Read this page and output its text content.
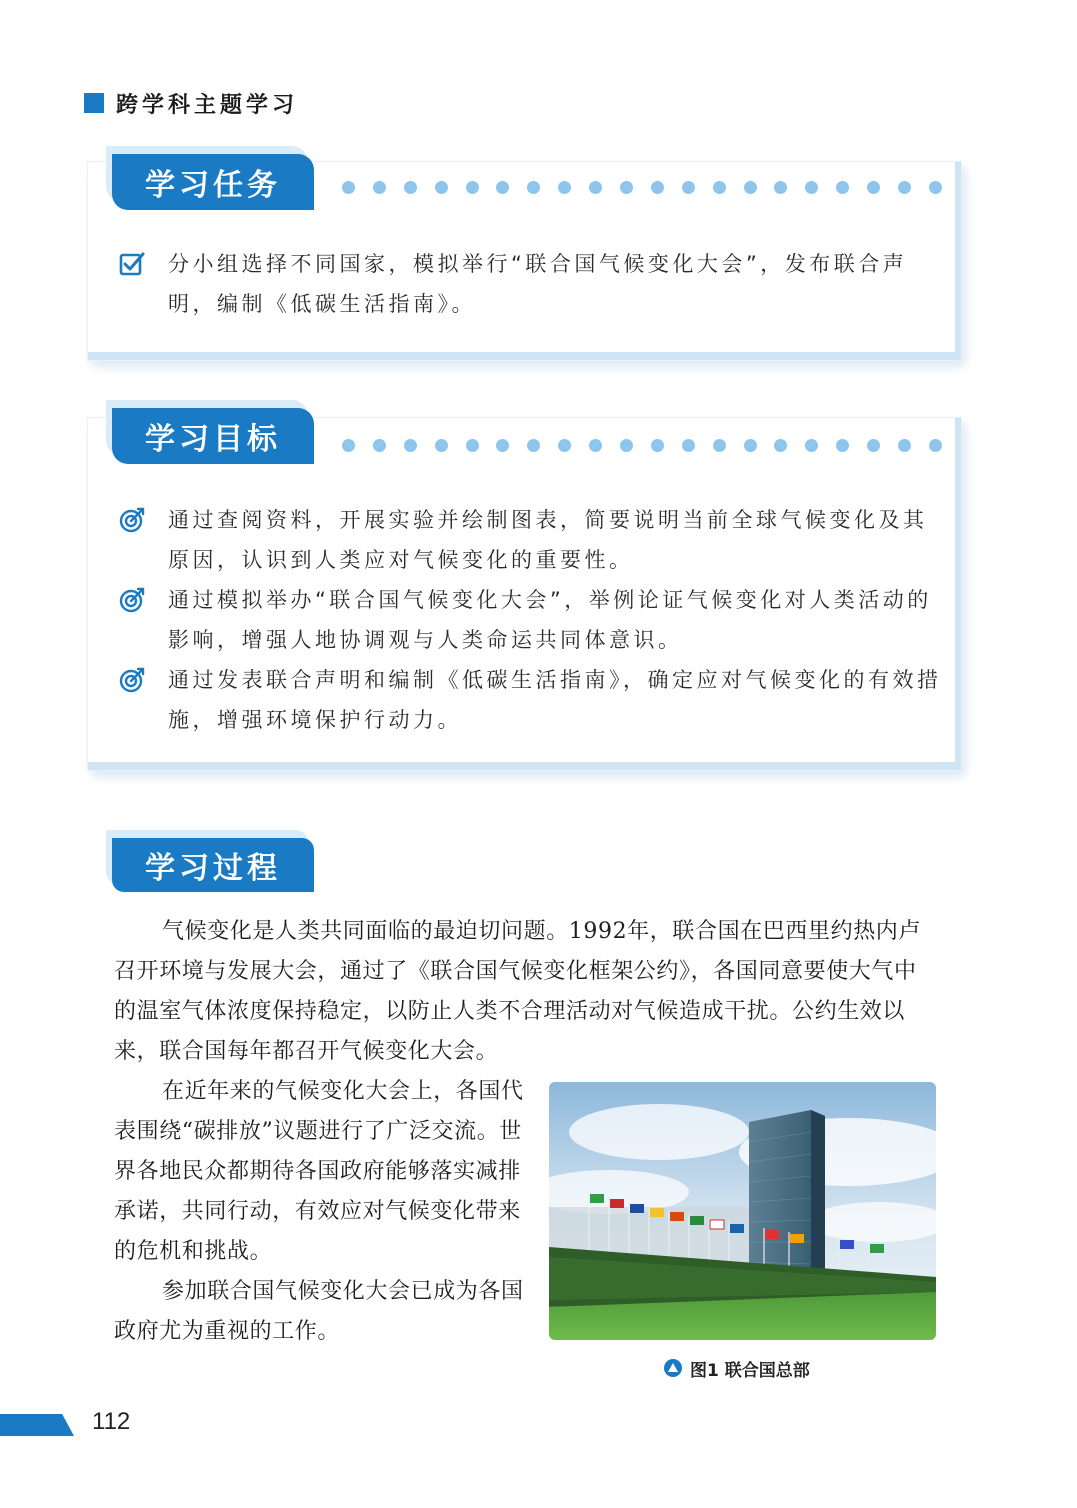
跨学科主题学习
学习任务
分小组选择不同国家，模拟举行“联合国气候变化大会”，发布联合声明，编制《低碳生活指南》。
学习目标
通过查阅资料，开展实验并绘制图表，简要说明当前全球气候变化及其原因，认识到人类应对气候变化的重要性。
通过模拟举办“联合国气候变化大会”，举例论证气候变化对人类活动的影响，增强人地协调观与人类命运共同体意识。
通过发表联合声明和编制《低碳生活指南》，确定应对气候变化的有效措施，增强环境保护行动力。
学习过程
气候变化是人类共同面临的最迫切问题。1992年，联合国在巴西里约热内卢召开环境与发展大会，通过了《联合国气候变化框架公约》，各国同意要使大气中的温室气体浓度保持稳定，以防止人类不合理活动对气候造成干扰。公约生效以来，联合国每年都召开气候变化大会。
在近年来的气候变化大会上，各国代表围绕“碳排放”议题进行了广泛交流。世界各地民众都期待各国政府能够落实减排承诺，共同行动，有效应对气候变化带来的危机和挑战。
参加联合国气候变化大会已成为各国政府尤为重视的工作。
图1 联合国总部
112
